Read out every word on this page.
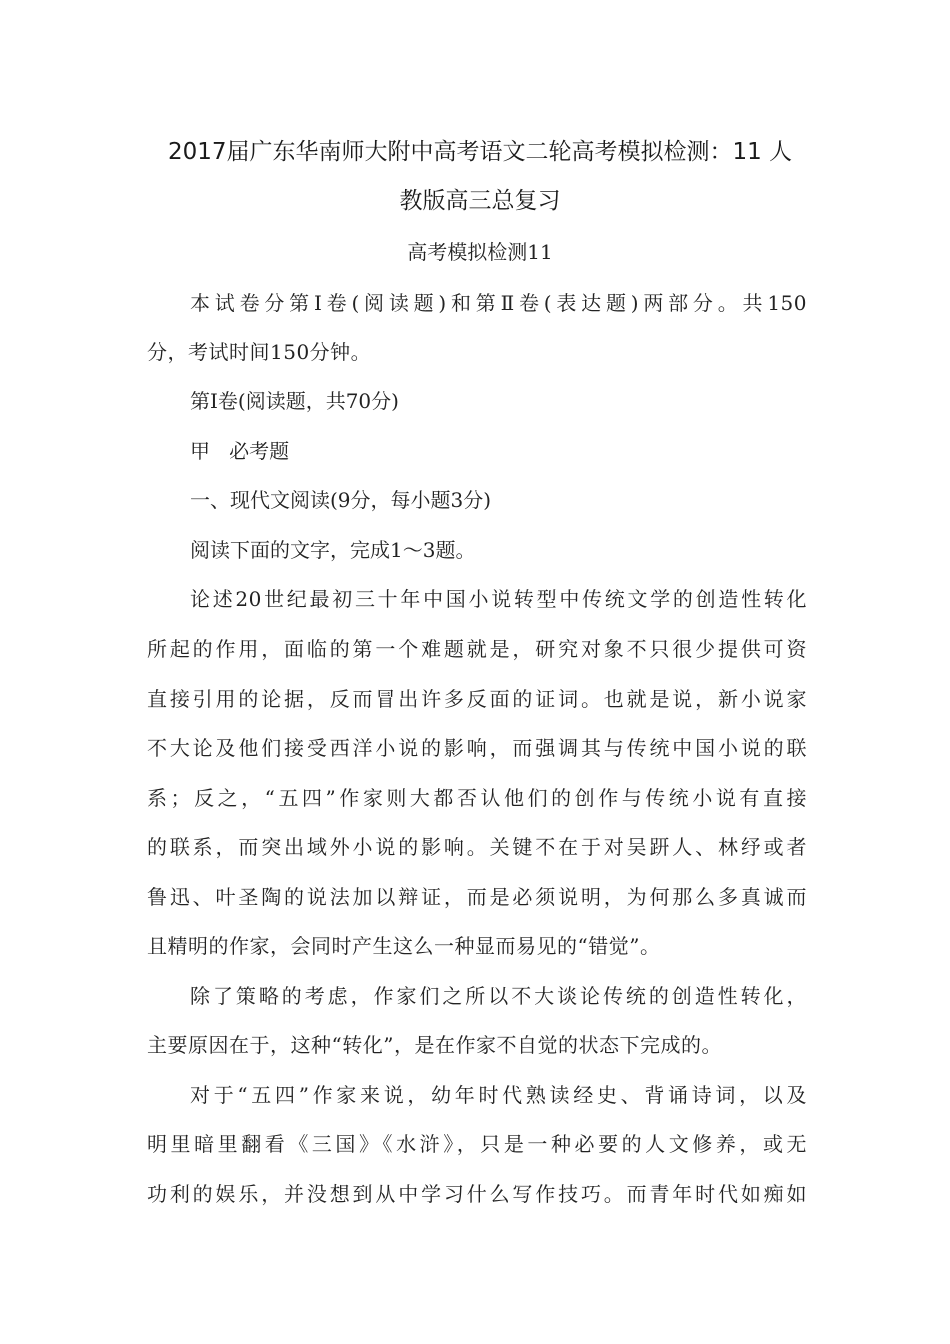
2017届广东华南师大附中高考语文二轮高考模拟检测：11 人
教版高三总复习
高考模拟检测11
本试卷分第Ⅰ卷(阅读题)和第Ⅱ卷(表达题)两部分。共150
分，考试时间150分钟。
第Ⅰ卷(阅读题，共70分)
甲   必考题
一、现代文阅读(9分，每小题3分)
阅读下面的文字，完成1～3题。
论述20世纪最初三十年中国小说转型中传统文学的创造性转化
所起的作用，面临的第一个难题就是，研究对象不只很少提供可资
直接引用的论据，反而冒出许多反面的证词。也就是说，新小说家
不大论及他们接受西洋小说的影响，而强调其与传统中国小说的联
系；反之，“五四”作家则大都否认他们的创作与传统小说有直接
的联系，而突出域外小说的影响。关键不在于对吴趼人、林纾或者
鲁迅、叶圣陶的说法加以辩证，而是必须说明，为何那么多真诚而
且精明的作家，会同时产生这么一种显而易见的“错觉”。
除了策略的考虑，作家们之所以不大谈论传统的创造性转化，
主要原因在于，这种“转化”，是在作家不自觉的状态下完成的。
对于“五四”作家来说，幼年时代熟读经史、背诵诗词，以及
明里暗里翻看《三国》《水浒》，只是一种必要的人文修养，或无
功利的娱乐，并没想到从中学习什么写作技巧。而青年时代如痴如
